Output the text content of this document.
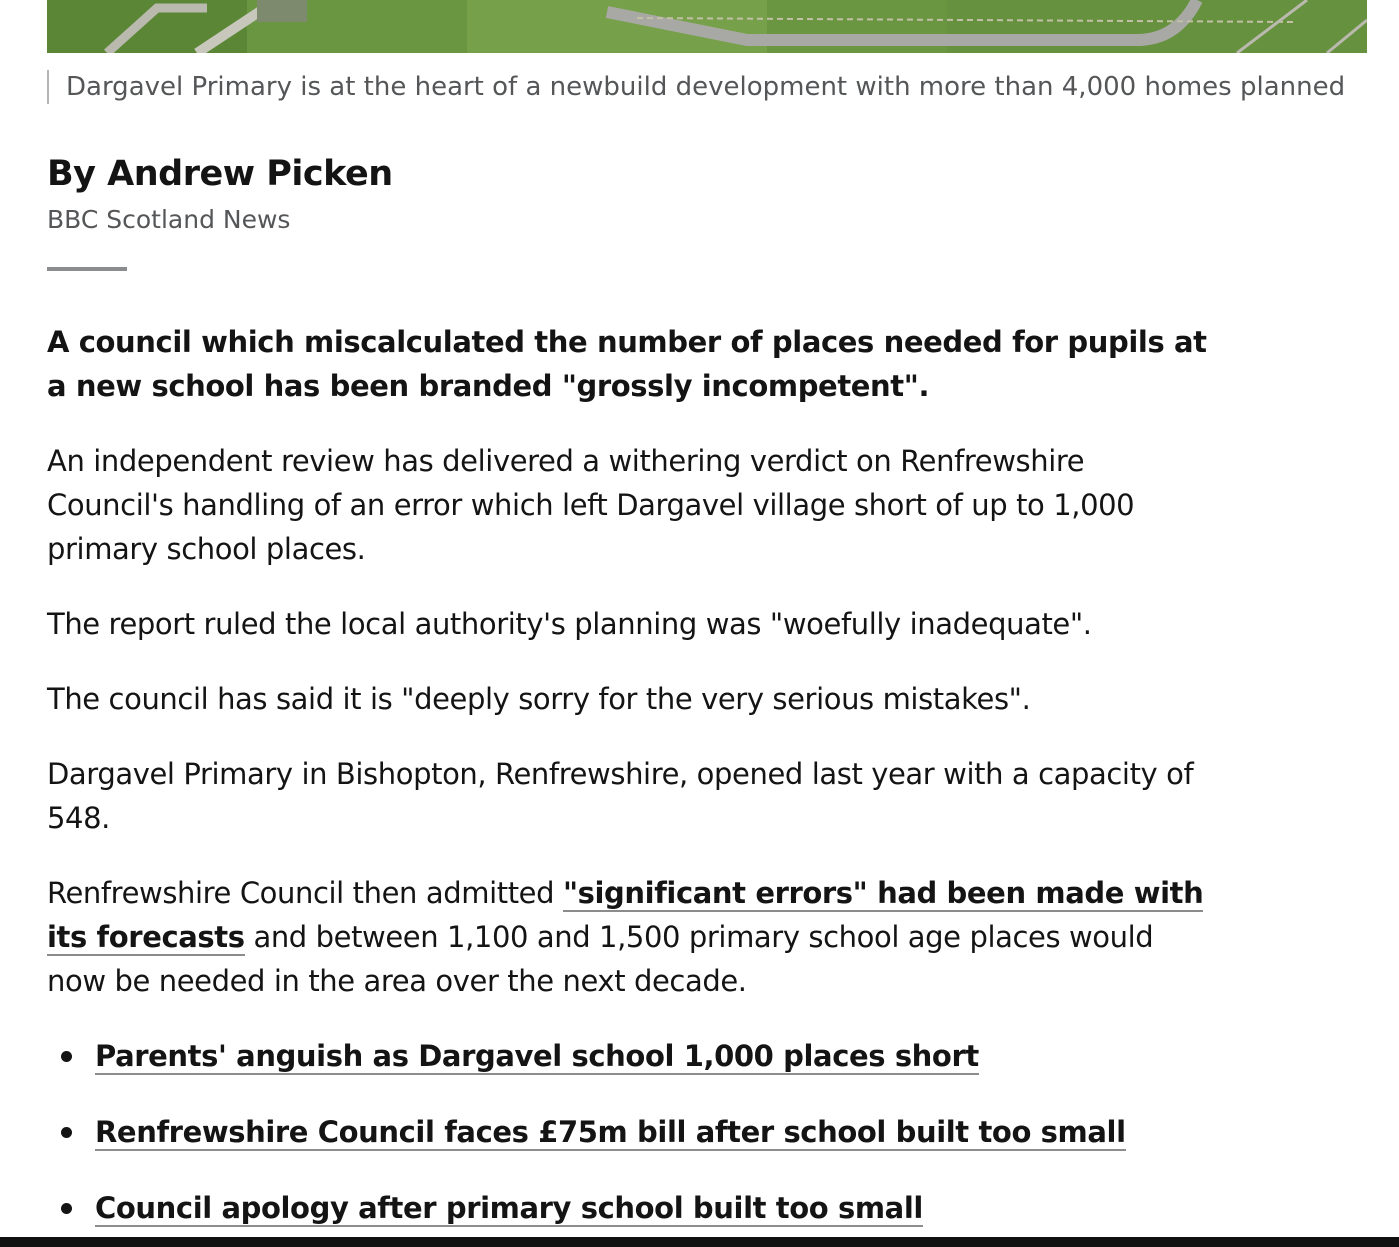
Dargavel Primary is at the heart of a newbuild development with more than 4,000 homes planned
By Andrew Picken
BBC Scotland News

A council which miscalculated the number of places needed for pupils at a new school has been branded "grossly incompetent".

An independent review has delivered a withering verdict on Renfrewshire Council's handling of an error which left Dargavel village short of up to 1,000 primary school places.

The report ruled the local authority's planning was "woefully inadequate".

The council has said it is "deeply sorry for the very serious mistakes".

Dargavel Primary in Bishopton, Renfrewshire, opened last year with a capacity of 548.

Renfrewshire Council then admitted "significant errors" had been made with its forecasts and between 1,100 and 1,500 primary school age places would now be needed in the area over the next decade.

Parents' anguish as Dargavel school 1,000 places short
Renfrewshire Council faces £75m bill after school built too small
Council apology after primary school built too small
